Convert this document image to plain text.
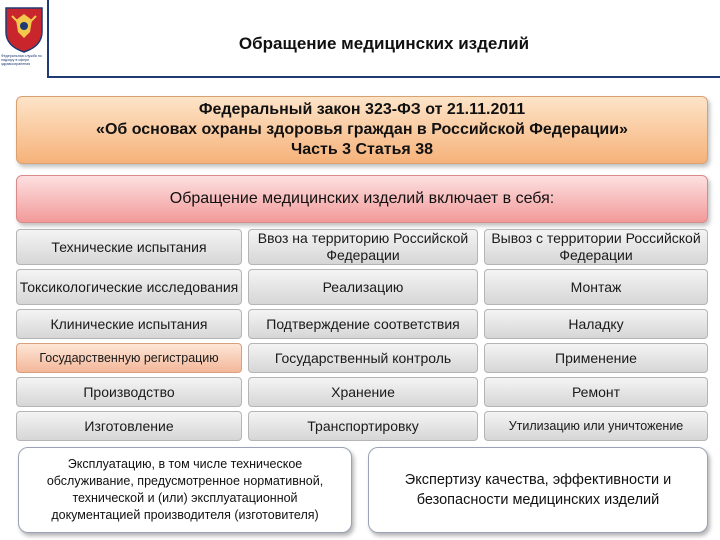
Федеральная служба по надзору в сфере здравоохранения
Обращение медицинских изделий
Федеральный закон 323-ФЗ от 21.11.2011
«Об основах охраны здоровья граждан в Российской Федерации»
Часть 3 Статья 38
Обращение медицинских изделий включает в себя:
Технические испытания
Токсикологические исследования
Клинические испытания
Государственную регистрацию
Производство
Изготовление
Ввоз на территорию Российской Федерации
Реализацию
Подтверждение соответствия
Государственный контроль
Хранение
Транспортировку
Вывоз с территории Российской Федерации
Монтаж
Наладку
Применение
Ремонт
Утилизацию или уничтожение
Эксплуатацию, в том числе техническое обслуживание, предусмотренное нормативной, технической и (или) эксплуатационной документацией производителя (изготовителя)
Экспертизу качества, эффективности и безопасности медицинских изделий
